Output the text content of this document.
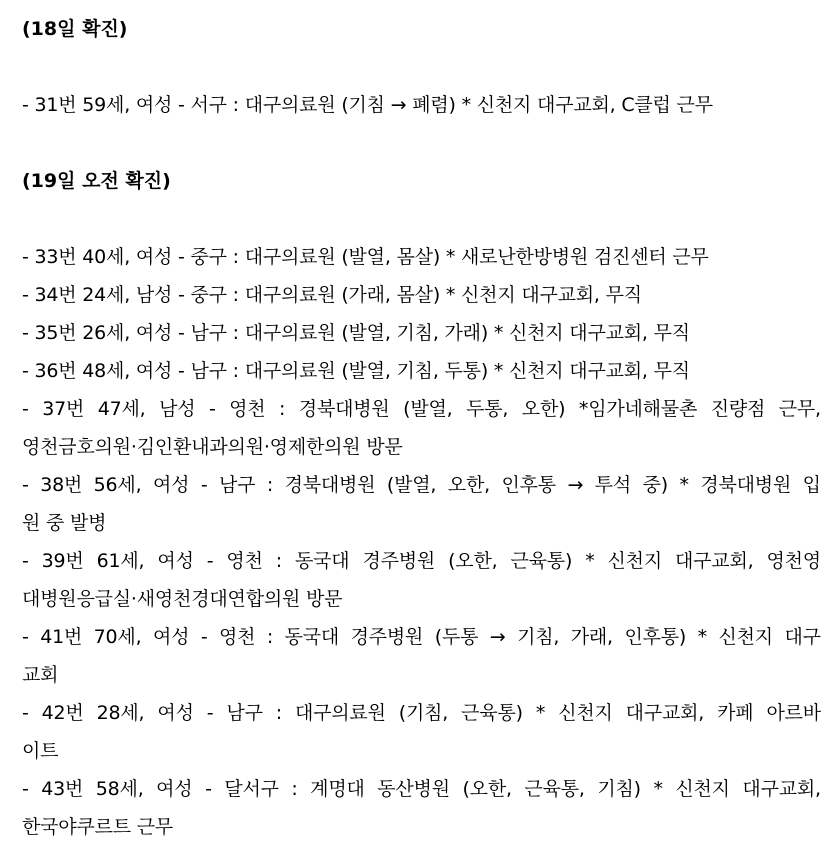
(18일 확진)
- 31번 59세, 여성 - 서구 : 대구의료원 (기침 → 폐렴) * 신천지 대구교회, C클럽 근무
(19일 오전 확진)
- 33번 40세, 여성 - 중구 : 대구의료원 (발열, 몸살) * 새로난한방병원 검진센터 근무
- 34번 24세, 남성 - 중구 : 대구의료원 (가래, 몸살) * 신천지 대구교회, 무직
- 35번 26세, 여성 - 남구 : 대구의료원 (발열, 기침, 가래) * 신천지 대구교회, 무직
- 36번 48세, 여성 - 남구 : 대구의료원 (발열, 기침, 두통) * 신천지 대구교회, 무직
- 37번 47세, 남성 - 영천 : 경북대병원 (발열, 두통, 오한) *임가네해물촌 진량점 근무,
영천금호의원·김인환내과의원·영제한의원 방문
- 38번 56세, 여성 - 남구 : 경북대병원 (발열, 오한, 인후통 → 투석 중) * 경북대병원 입
원 중 발병
- 39번 61세, 여성 - 영천 : 동국대 경주병원 (오한, 근육통) * 신천지 대구교회, 영천영
대병원응급실·새영천경대연합의원 방문
- 41번 70세, 여성 - 영천 : 동국대 경주병원 (두통 → 기침, 가래, 인후통) * 신천지 대구
교회
- 42번 28세, 여성 - 남구 : 대구의료원 (기침, 근육통) * 신천지 대구교회, 카페 아르바
이트
- 43번 58세, 여성 - 달서구 : 계명대 동산병원 (오한, 근육통, 기침) * 신천지 대구교회,
한국야쿠르트 근무
